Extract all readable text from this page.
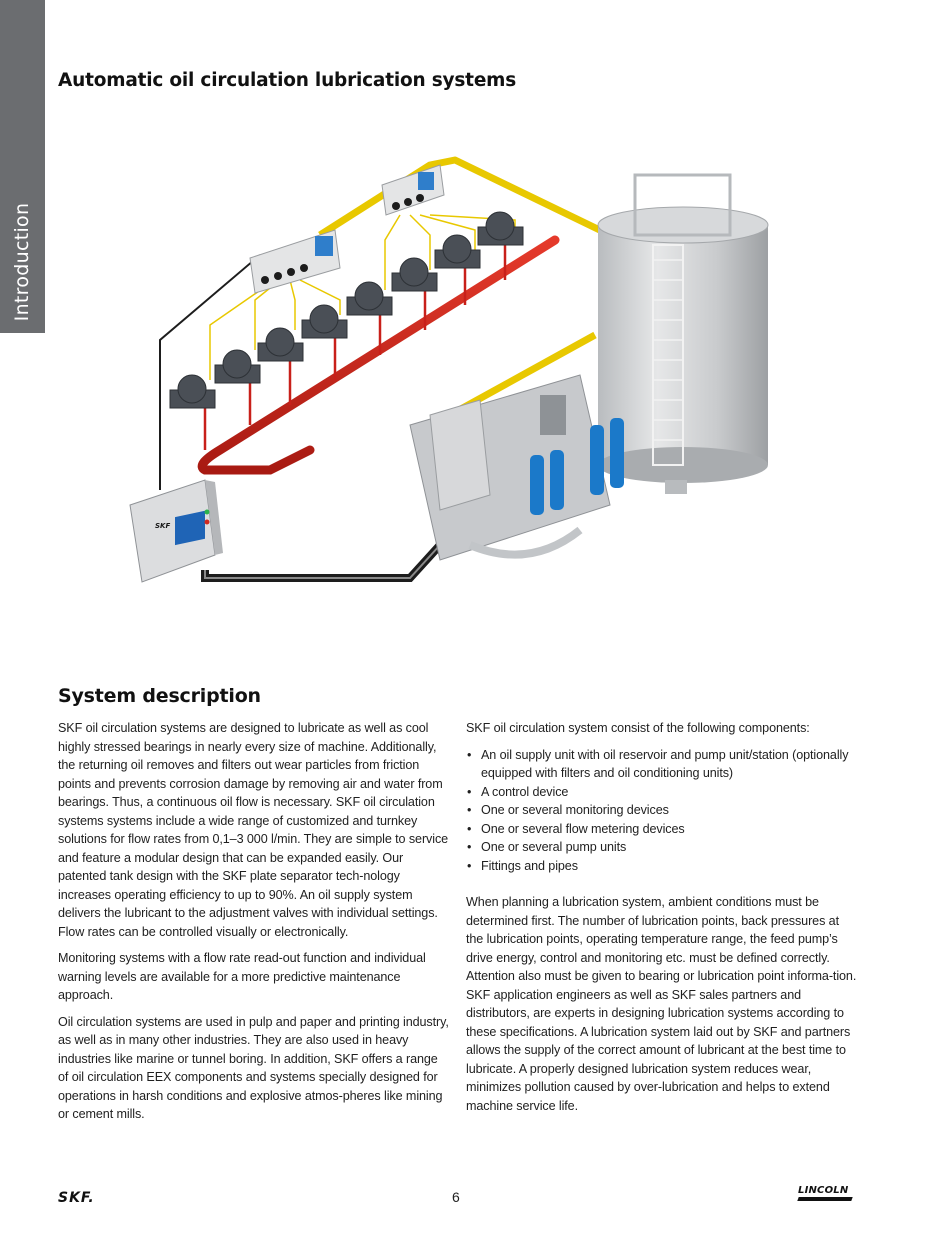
Introduction
Automatic oil circulation lubrication systems
SKF
System description

SKF oil circulation systems are designed to lubricate as well as cool highly stressed bearings in nearly every size of machine. Additionally, the returning oil removes and filters out wear particles from friction points and prevents corrosion damage by removing air and water from bearings. Thus, a continuous oil flow is necessary. SKF oil circulation systems systems include a wide range of customized and turnkey solutions for flow rates from 0,1–3 000 l/min. They are simple to service and feature a modular design that can be expanded easily. Our patented tank design with the SKF plate separator tech-nology increases operating efficiency to up to 90%. An oil supply system delivers the lubricant to the adjustment valves with individual settings. Flow rates can be controlled visually or electronically.

Monitoring systems with a flow rate read-out function and individual warning levels are available for a more predictive maintenance approach.

Oil circulation systems are used in pulp and paper and printing industry, as well as in many other industries. They are also used in heavy industries like marine or tunnel boring. In addition, SKF offers a range of oil circulation EEX components and systems specially designed for operations in harsh conditions and explosive atmos-pheres like mining or cement mills.

SKF oil circulation system consist of the following components:

• An oil supply unit with oil reservoir and pump unit/station (optionally equipped with filters and oil conditioning units)
• A control device
• One or several monitoring devices
• One or several flow metering devices
• One or several pump units
• Fittings and pipes

When planning a lubrication system, ambient conditions must be determined first. The number of lubrication points, back pressures at the lubrication points, operating temperature range, the feed pump’s drive energy, control and monitoring etc. must be defined correctly. Attention also must be given to bearing or lubrication point informa-tion. SKF application engineers as well as SKF sales partners and distributors, are experts in designing lubrication systems according to these specifications. A lubrication system laid out by SKF and partners allows the supply of the correct amount of lubricant at the best time to lubricate. A properly designed lubrication system reduces wear, minimizes pollution caused by over-lubrication and helps to extend machine service life.

SKF.	6	LINCOLN
